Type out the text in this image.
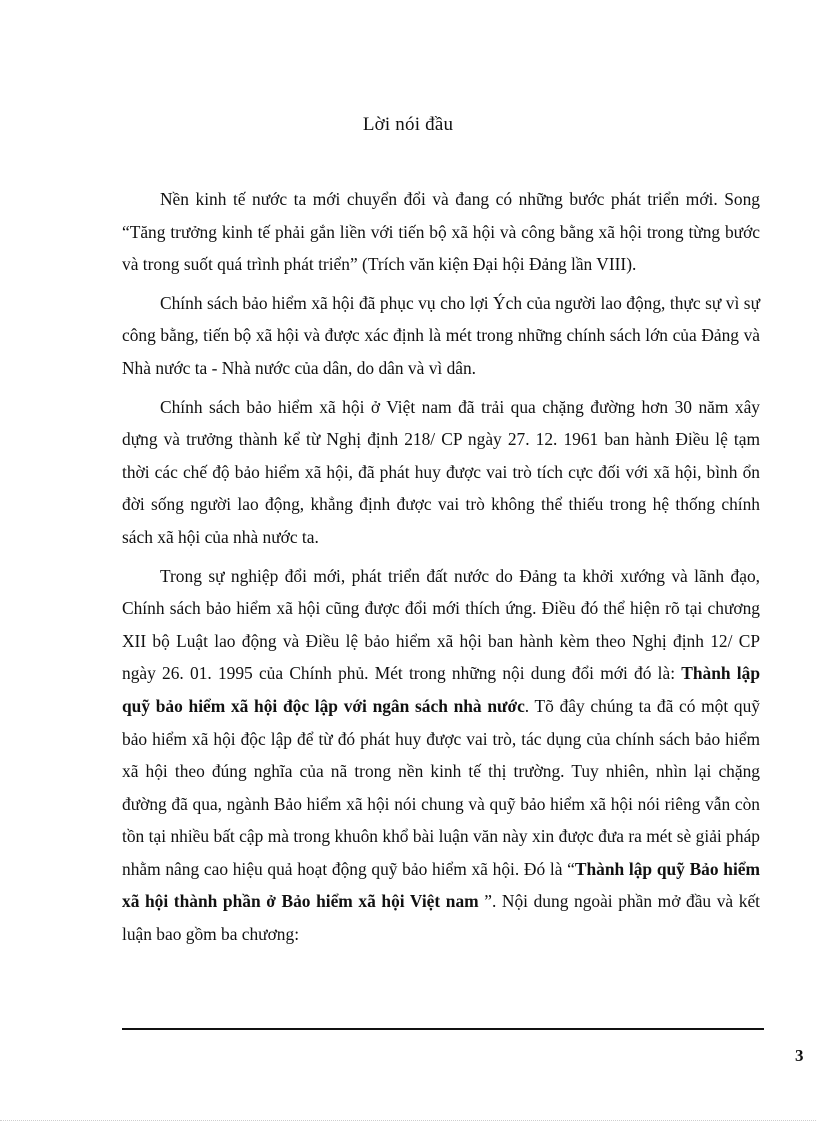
Lời nói đầu

Nền kinh tế nước ta mới chuyển đổi và đang có những bước phát triển mới. Song “Tăng trưởng kinh tế phải gắn liền với tiến bộ xã hội và công bằng xã hội trong từng bước và trong suốt quá trình phát triển” (Trích văn kiện Đại hội Đảng lần VIII).

Chính sách bảo hiểm xã hội đã phục vụ cho lợi Ých của người lao động, thực sự vì sự công bằng, tiến bộ xã hội và được xác định là mét trong những chính sách lớn của Đảng và Nhà nước ta - Nhà nước của dân, do dân và vì dân.

Chính sách bảo hiểm xã hội ở Việt nam đã trải qua chặng đường hơn 30 năm xây dựng và trưởng thành kể từ Nghị định 218/ CP ngày 27. 12. 1961 ban hành Điều lệ tạm thời các chế độ bảo hiểm xã hội, đã phát huy được vai trò tích cực đối với xã hội, bình ổn đời sống người lao động, khẳng định được vai trò không thể thiếu trong hệ thống chính sách xã hội của nhà nước ta.

Trong sự nghiệp đổi mới, phát triển đất nước do Đảng ta khởi xướng và lãnh đạo, Chính sách bảo hiểm xã hội cũng được đổi mới thích ứng. Điều đó thể hiện rõ tại chương XII bộ Luật lao động và Điều lệ bảo hiểm xã hội ban hành kèm theo Nghị định 12/ CP ngày 26. 01. 1995 của Chính phủ. Mét trong những nội dung đổi mới đó là: Thành lập quỹ bảo hiểm xã hội độc lập với ngân sách nhà nước. Tõ đây chúng ta đã có một quỹ bảo hiểm xã hội độc lập để từ đó phát huy được vai trò, tác dụng của chính sách bảo hiểm xã hội theo đúng nghĩa của nã trong nền kinh tế thị trường. Tuy nhiên, nhìn lại chặng đường đã qua, ngành Bảo hiểm xã hội nói chung và quỹ bảo hiểm xã hội nói riêng vẫn còn tồn tại nhiều bất cập mà trong khuôn khổ bài luận văn này xin được đưa ra mét sè giải pháp nhằm nâng cao hiệu quả hoạt động quỹ bảo hiểm xã hội. Đó là “Thành lập quỹ Bảo hiểm xã hội thành phần ở Bảo hiểm xã hội Việt nam ”. Nội dung ngoài phần mở đầu và kết luận bao gồm ba chương:

3
